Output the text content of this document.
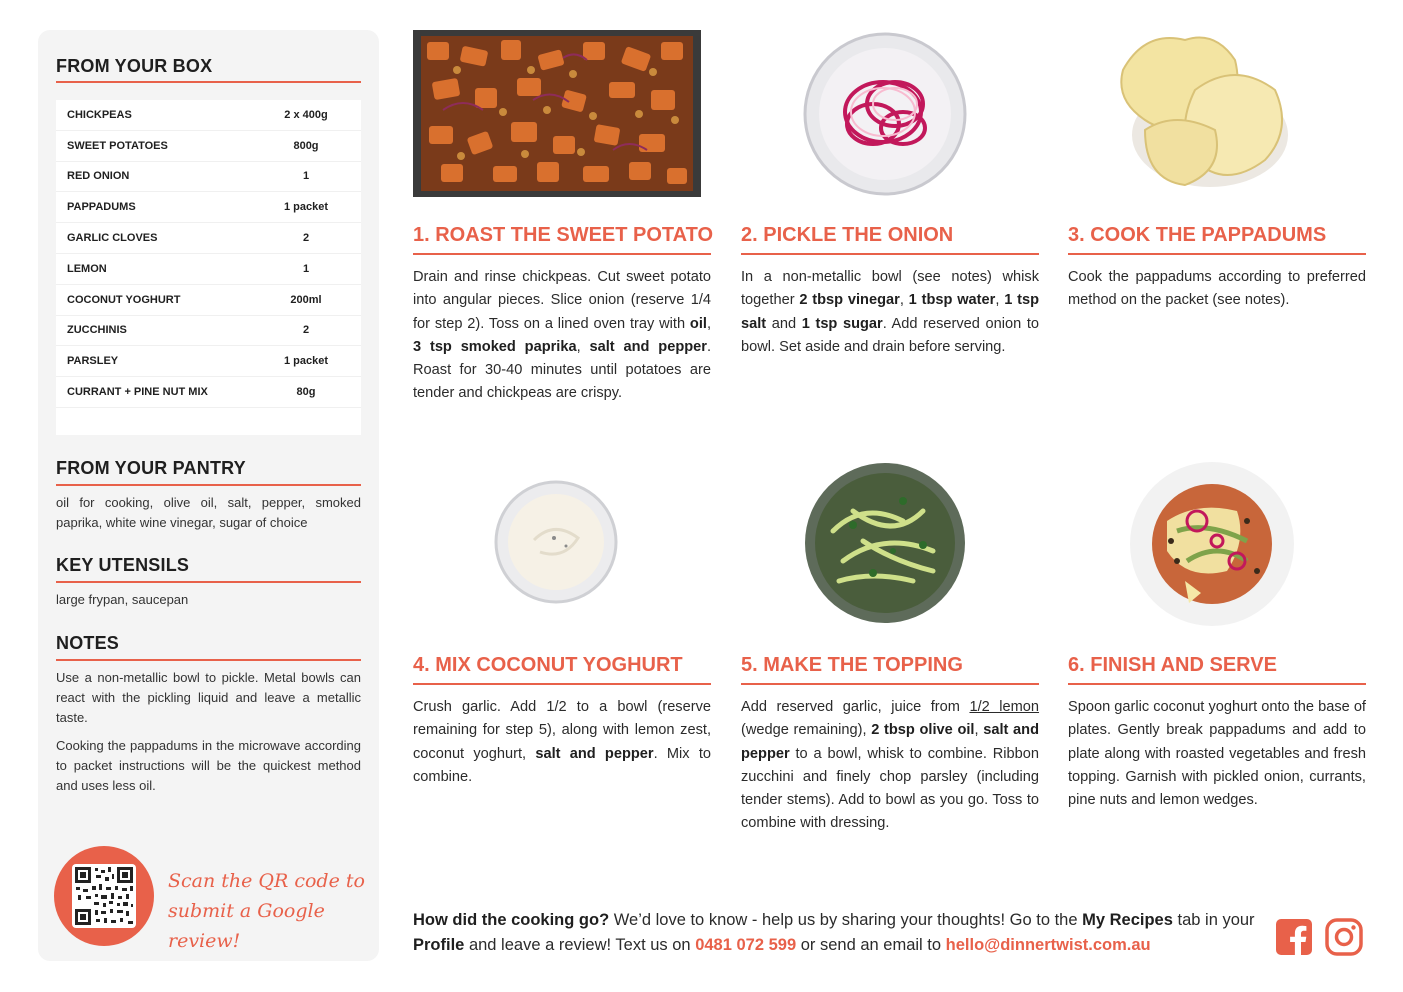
FROM YOUR BOX
CHICKPEAS	2 x 400g
SWEET POTATOES	800g
RED ONION	1
PAPPADUMS	1 packet
GARLIC CLOVES	2
LEMON	1
COCONUT YOGHURT	200ml
ZUCCHINIS	2
PARSLEY	1 packet
CURRANT + PINE NUT MIX	80g
FROM YOUR PANTRY
oil for cooking, olive oil, salt, pepper, smoked paprika, white wine vinegar, sugar of choice
KEY UTENSILS
large frypan, saucepan
NOTES
Use a non-metallic bowl to pickle. Metal bowls can react with the pickling liquid and leave a metallic taste.
Cooking the pappadums in the microwave according to packet instructions will be the quickest method and uses less oil.
Scan the QR code to
submit a Google review!
1. ROAST THE SWEET POTATO 2. PICKLE THE ONION	3. COOK THE PAPPADUMS
4. MIX COCONUT YOGHURT	5. MAKE THE TOPPING	6. FINISH AND SERVE
Drain and rinse chickpeas. Cut sweet potato into angular pieces. Slice onion (reserve 1/4 for step 2). Toss on a lined oven tray with oil, 3 tsp smoked paprika, salt and pepper. Roast for 30-40 minutes until potatoes are tender and chickpeas are crispy.
In a non-metallic bowl (see notes) whisk together 2 tbsp vinegar, 1 tbsp water, 1 tsp salt and 1 tsp sugar. Add reserved onion to bowl. Set aside and drain before serving.
Cook the pappadums according to preferred method on the packet (see notes).
Crush garlic. Add 1/2 to a bowl (reserve remaining for step 5), along with lemon zest, coconut yoghurt, salt and pepper. Mix to combine.
Add reserved garlic, juice from 1/2 lemon (wedge remaining), 2 tbsp olive oil, salt and pepper to a bowl, whisk to combine. Ribbon zucchini and finely chop parsley (including tender stems). Add to bowl as you go. Toss to combine with dressing.
Spoon garlic coconut yoghurt onto the base of plates. Gently break pappadums and add to plate along with roasted vegetables and fresh topping. Garnish with pickled onion, currants, pine nuts and lemon wedges.
How did the cooking go? We’d love to know - help us by sharing your thoughts! Go to the My Recipes tab in your Profile and leave a review! Text us on 0481 072 599 or send an email to hello@dinnertwist.com.au
